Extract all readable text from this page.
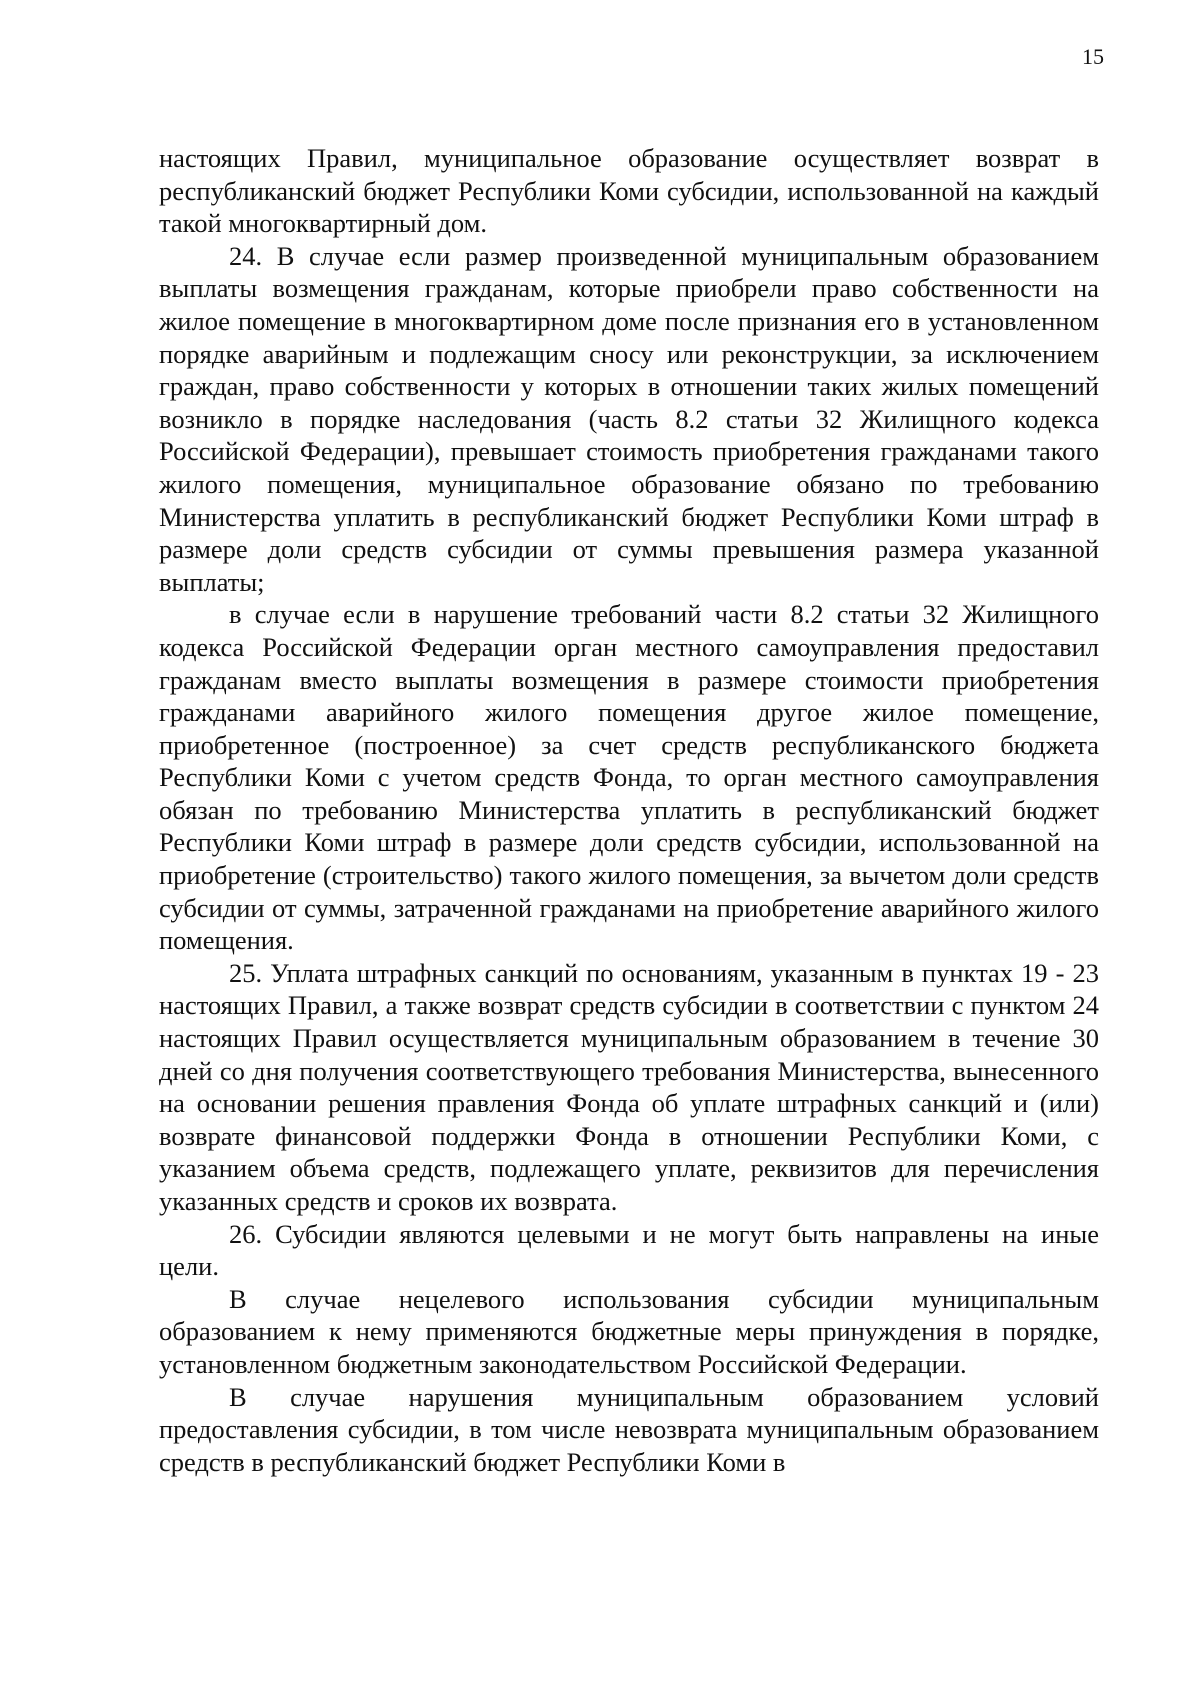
15

настоящих Правил, муниципальное образование осуществляет возврат в республиканский бюджет Республики Коми субсидии, использованной на каждый такой многоквартирный дом.

24. В случае если размер произведенной муниципальным образованием выплаты возмещения гражданам, которые приобрели право собственности на жилое помещение в многоквартирном доме после признания его в установленном порядке аварийным и подлежащим сносу или реконструкции, за исключением граждан, право собственности у которых в отношении таких жилых помещений возникло в порядке наследования (часть 8.2 статьи 32 Жилищного кодекса Российской Федерации), превышает стоимость приобретения гражданами такого жилого помещения, муниципальное образование обязано по требованию Министерства уплатить в республиканский бюджет Республики Коми штраф в размере доли средств субсидии от суммы превышения размера указанной выплаты;

в случае если в нарушение требований части 8.2 статьи 32 Жилищного кодекса Российской Федерации орган местного самоуправления предоставил гражданам вместо выплаты возмещения в размере стоимости приобретения гражданами аварийного жилого помещения другое жилое помещение, приобретенное (построенное) за счет средств республиканского бюджета Республики Коми с учетом средств Фонда, то орган местного самоуправления обязан по требованию Министерства уплатить в республиканский бюджет Республики Коми штраф в размере доли средств субсидии, использованной на приобретение (строительство) такого жилого помещения, за вычетом доли средств субсидии от суммы, затраченной гражданами на приобретение аварийного жилого помещения.

25. Уплата штрафных санкций по основаниям, указанным в пунктах 19 - 23 настоящих Правил, а также возврат средств субсидии в соответствии с пунктом 24 настоящих Правил осуществляется муниципальным образованием в течение 30 дней со дня получения соответствующего требования Министерства, вынесенного на основании решения правления Фонда об уплате штрафных санкций и (или) возврате финансовой поддержки Фонда в отношении Республики Коми, с указанием объема средств, подлежащего уплате, реквизитов для перечисления указанных средств и сроков их возврата.

26. Субсидии являются целевыми и не могут быть направлены на иные цели.

В случае нецелевого использования субсидии муниципальным образованием к нему применяются бюджетные меры принуждения в порядке, установленном бюджетным законодательством Российской Федерации.

В случае нарушения муниципальным образованием условий предоставления субсидии, в том числе невозврата муниципальным образованием средств в республиканский бюджет Республики Коми в
